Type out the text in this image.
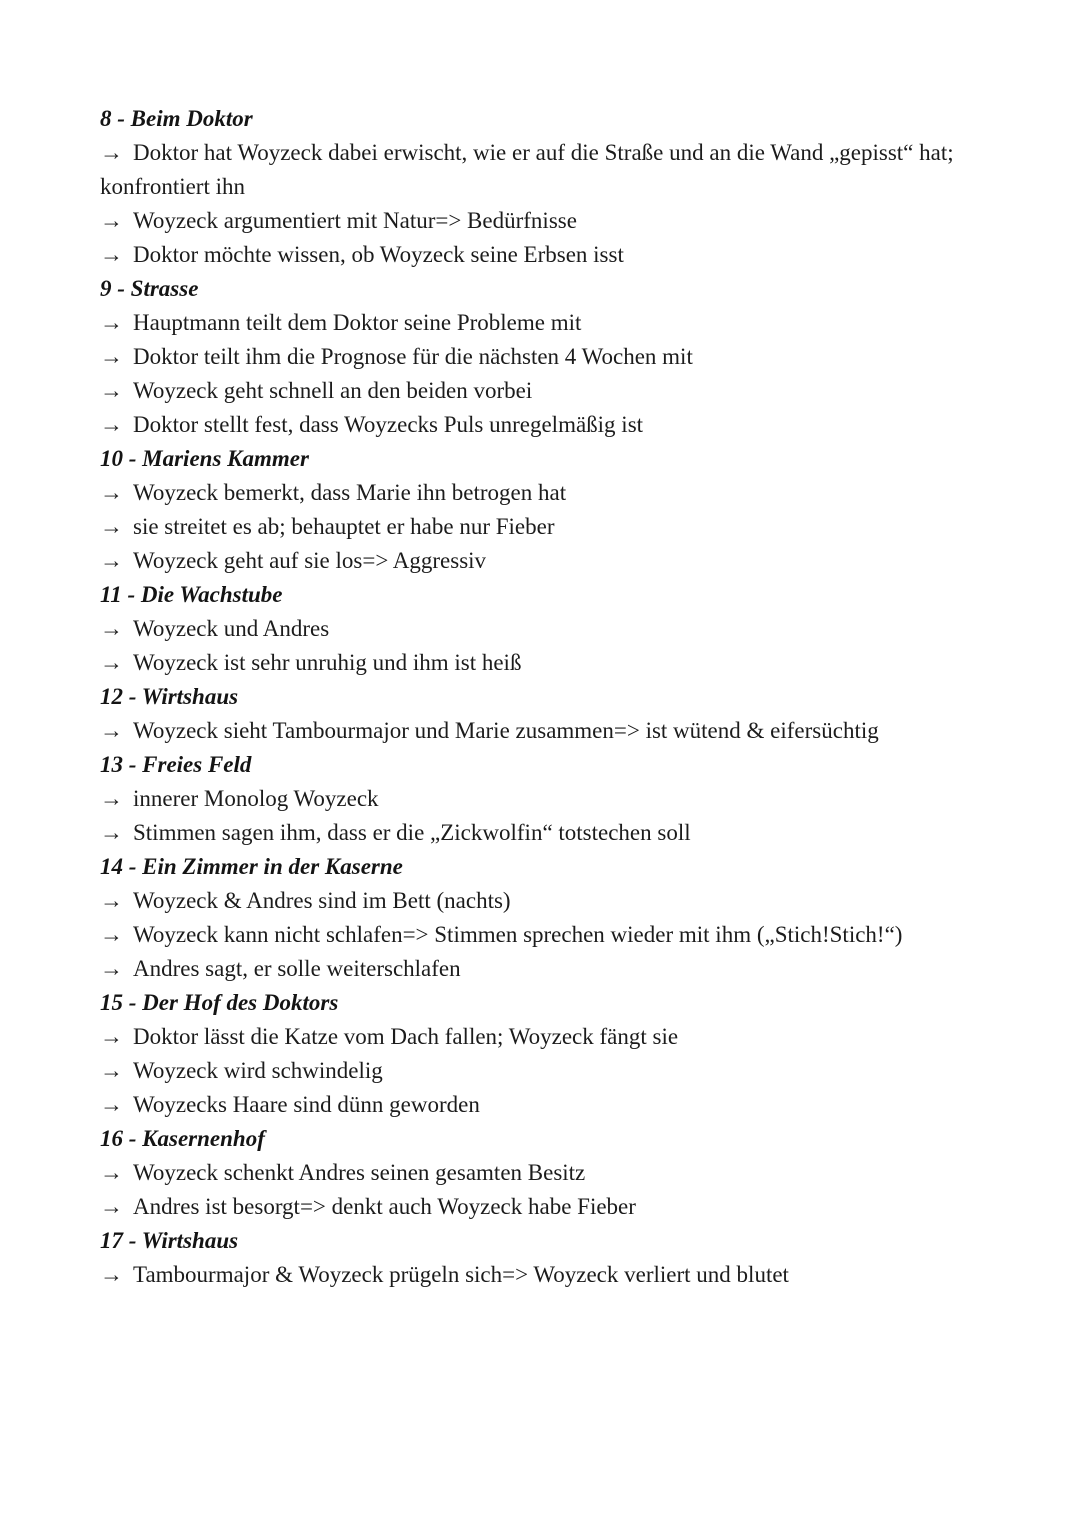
8 - Beim Doktor

→ Doktor hat Woyzeck dabei erwischt, wie er auf die Straße und an die Wand „gepisst“ hat; konfrontiert ihn

→ Woyzeck argumentiert mit Natur=> Bedürfnisse

→ Doktor möchte wissen, ob Woyzeck seine Erbsen isst

9 - Strasse

→ Hauptmann teilt dem Doktor seine Probleme mit

→ Doktor teilt ihm die Prognose für die nächsten 4 Wochen mit

→ Woyzeck geht schnell an den beiden vorbei

→ Doktor stellt fest, dass Woyzecks Puls unregelmäßig ist

10 - Mariens Kammer

→ Woyzeck bemerkt, dass Marie ihn betrogen hat

→ sie streitet es ab; behauptet er habe nur Fieber

→ Woyzeck geht auf sie los=> Aggressiv

11 - Die Wachstube

→ Woyzeck und Andres

→ Woyzeck ist sehr unruhig und ihm ist heiß

12 - Wirtshaus

→ Woyzeck sieht Tambourmajor und Marie zusammen=> ist wütend & eifersüchtig

13 - Freies Feld

→ innerer Monolog Woyzeck

→ Stimmen sagen ihm, dass er die „Zickwolfin“ totstechen soll

14 - Ein Zimmer in der Kaserne

→ Woyzeck & Andres sind im Bett (nachts)

→ Woyzeck kann nicht schlafen=> Stimmen sprechen wieder mit ihm („Stich!Stich!“)

→ Andres sagt, er solle weiterschlafen

15 - Der Hof des Doktors

→ Doktor lässt die Katze vom Dach fallen; Woyzeck fängt sie

→ Woyzeck wird schwindelig

→ Woyzecks Haare sind dünn geworden

16 - Kasernenhof

→ Woyzeck schenkt Andres seinen gesamten Besitz

→ Andres ist besorgt=> denkt auch Woyzeck habe Fieber

17 - Wirtshaus

→ Tambourmajor & Woyzeck prügeln sich=> Woyzeck verliert und blutet
